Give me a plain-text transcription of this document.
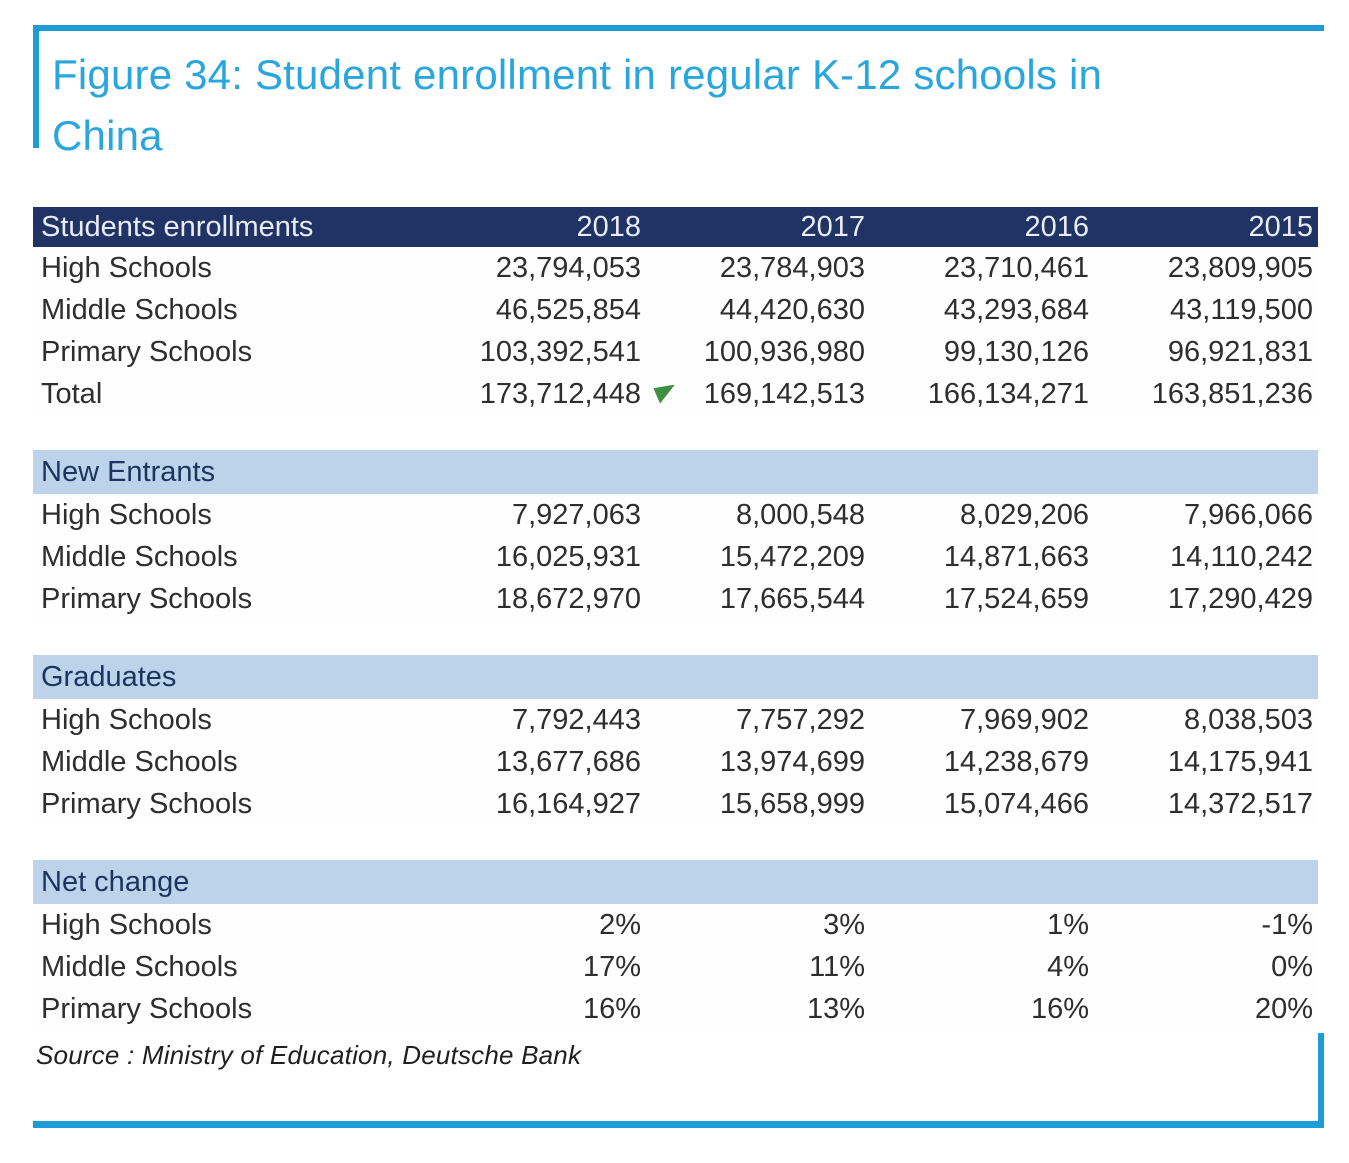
Figure 34: Student enrollment in regular K-12 schools in
China
Students enrollments	2018	2017	2016	2015
High Schools	23,794,053	23,784,903	23,710,461	23,809,905
Middle Schools	46,525,854	44,420,630	43,293,684	43,119,500
Primary Schools	103,392,541	100,936,980	99,130,126	96,921,831
Total	173,712,448	169,142,513	166,134,271	163,851,236
New Entrants
High Schools	7,927,063	8,000,548	8,029,206	7,966,066
Middle Schools	16,025,931	15,472,209	14,871,663	14,110,242
Primary Schools	18,672,970	17,665,544	17,524,659	17,290,429
Graduates
High Schools	7,792,443	7,757,292	7,969,902	8,038,503
Middle Schools	13,677,686	13,974,699	14,238,679	14,175,941
Primary Schools	16,164,927	15,658,999	15,074,466	14,372,517
Net change
High Schools	2%	3%	1%	-1%
Middle Schools	17%	11%	4%	0%
Primary Schools	16%	13%	16%	20%
Source : Ministry of Education, Deutsche Bank
